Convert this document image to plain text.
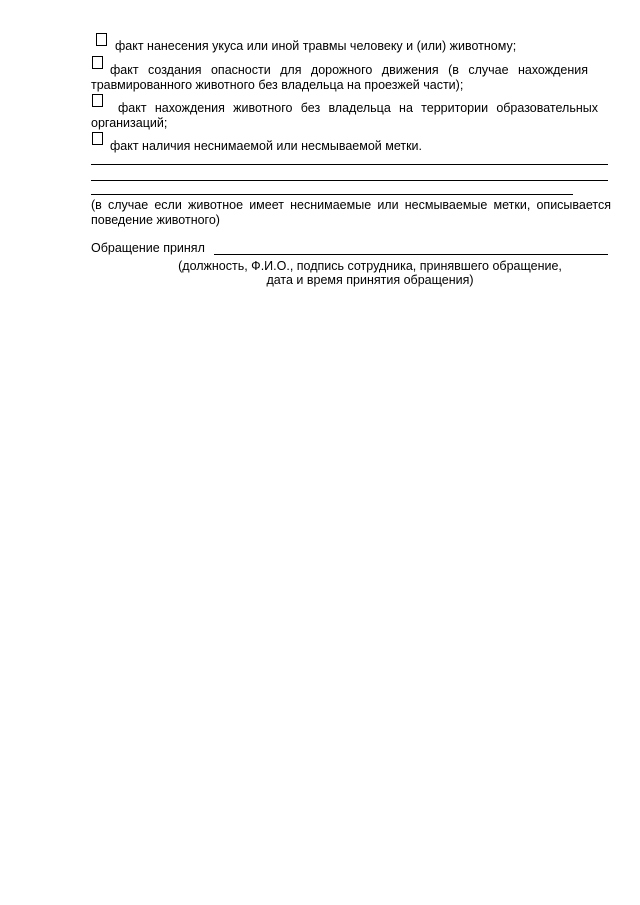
факт нанесения укуса или иной травмы человеку и (или) животному;
факт создания опасности для дорожного движения (в случае нахождения
травмированного животного без владельца на проезжей части);
факт нахождения животного без владельца на территории образовательных
организаций;
факт наличия неснимаемой или несмываемой метки.
(в случае если животное имеет неснимаемые или несмываемые метки, описывается
поведение животного)
Обращение принял
(должность, Ф.И.О., подпись сотрудника, принявшего обращение,
дата и время принятия обращения)
